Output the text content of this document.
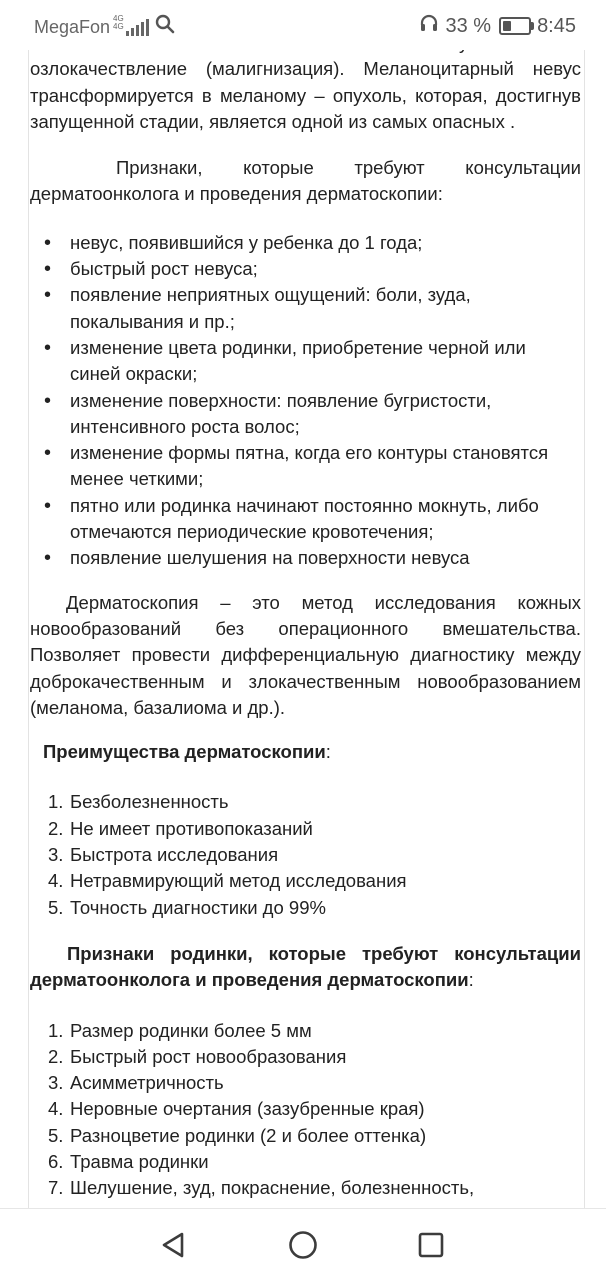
MegaFon 4G
4G	33 % 8:45

озлокачествление (малигнизация). Меланоцитарный невус трансформируется в меланому – опухоль, которая, достигнув запущенной стадии, является одной из самых опасных .

Признаки, которые требуют консультации дерматоонколога и проведения дерматоскопии:

• невус, появившийся у ребенка до 1 года;
• быстрый рост невуса;
• появление неприятных ощущений: боли, зуда, покалывания и пр.;
• изменение цвета родинки, приобретение черной или синей окраски;
• изменение поверхности: появление бугристости, интенсивного роста волос;
• изменение формы пятна, когда его контуры становятся менее четкими;
• пятно или родинка начинают постоянно мокнуть, либо отмечаются периодические кровотечения;
• появление шелушения на поверхности невуса

Дерматоскопия – это метод исследования кожных новообразований без операционного вмешательства. Позволяет провести дифференциальную диагностику между доброкачественным и злокачественным новообразованием (меланома, базалиома и др.).

Преимущества дерматоскопии:

1. Безболезненность
2. Не имеет противопоказаний
3. Быстрота исследования
4. Нетравмирующий метод исследования
5. Точность диагностики до 99%

Признаки родинки, которые требуют консультации дерматоонколога и проведения дерматоскопии:

1. Размер родинки более 5 мм
2. Быстрый рост новообразования
3. Асимметричность
4. Неровные очертания (зазубренные края)
5. Разноцветие родинки (2 и более оттенка)
6. Травма родинки
7. Шелушение, зуд, покраснение, болезненность,
